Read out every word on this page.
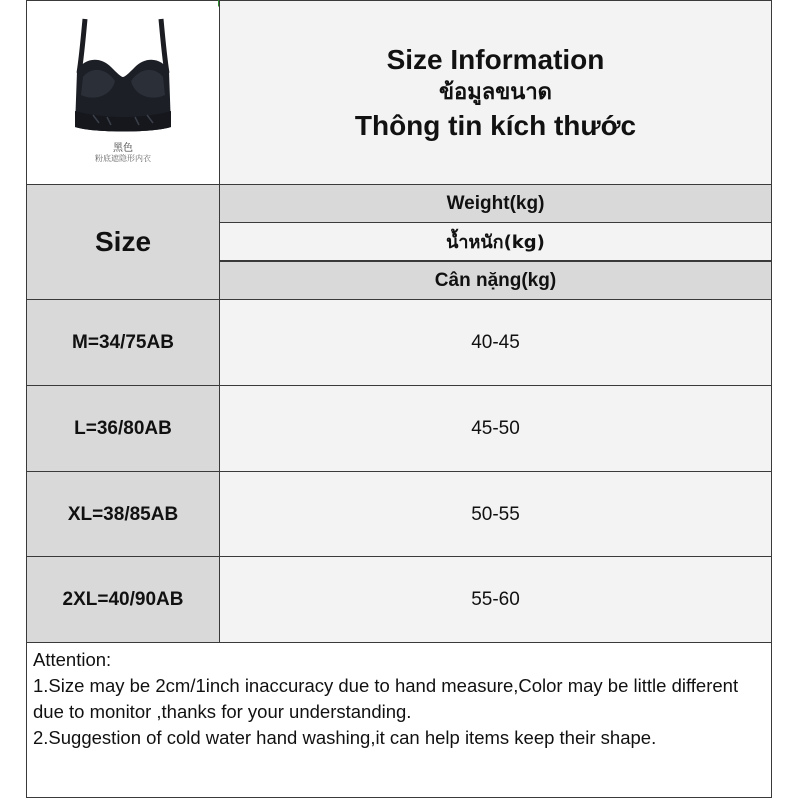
黑色
粉底遮隐形内衣
Size Information
ข้อมูลขนาด
Thông tin kích thước
Size
Weight(kg)
น้ำหนัก(kg)
Cân nặng(kg)
M=34/75AB	40-45
L=36/80AB	45-50
XL=38/85AB	50-55
2XL=40/90AB	55-60
Attention:
1.Size may be 2cm/1inch inaccuracy due to hand measure,Color may be little different due to monitor ,thanks for your understanding.
2.Suggestion of cold water hand washing,it can help items keep their shape.
